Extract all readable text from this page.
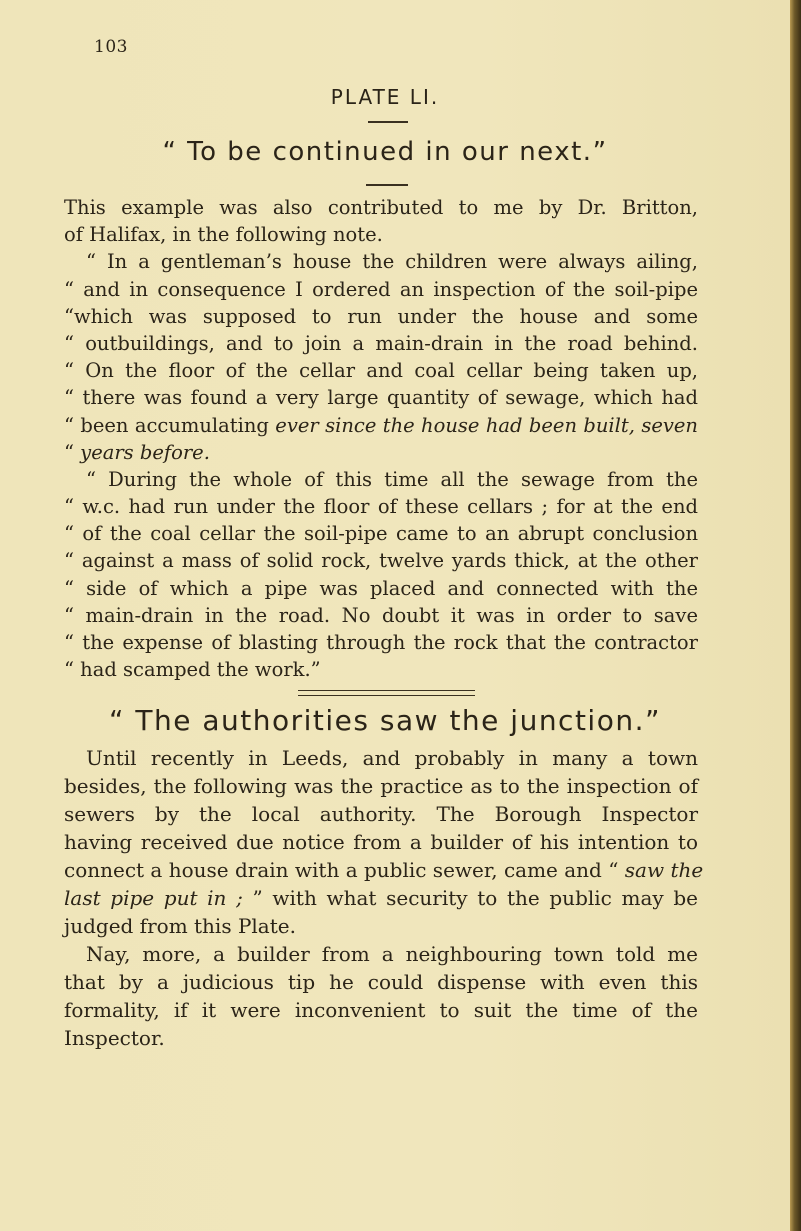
103
PLATE LI.
“ To be continued in our next.”
This example was also contributed to me by Dr. Britton,
of Halifax, in the following note.
“ In a gentleman’s house the children were always ailing,
“ and in consequence I ordered an inspection of the soil-pipe
“which was supposed to run under the house and some
“ outbuildings, and to join a main-drain in the road behind.
“ On the floor of the cellar and coal cellar being taken up,
“ there was found a very large quantity of sewage, which had
“ been accumulating ever since the house had been built, seven
“ years before.
“ During the whole of this time all the sewage from the
“ w.c. had run under the floor of these cellars ; for at the end
“ of the coal cellar the soil-pipe came to an abrupt conclusion
“ against a mass of solid rock, twelve yards thick, at the other
“ side of which a pipe was placed and connected with the
“ main-drain in the road. No doubt it was in order to save
“ the expense of blasting through the rock that the contractor
“ had scamped the work.”
“ The authorities saw the junction.”
Until recently in Leeds, and probably in many a town
besides, the following was the practice as to the inspection of
sewers by the local authority. The Borough Inspector
having received due notice from a builder of his intention to
connect a house drain with a public sewer, came and “ saw the
last pipe put in ; ” with what security to the public may be
judged from this Plate.
Nay, more, a builder from a neighbouring town told me
that by a judicious tip he could dispense with even this
formality, if it were inconvenient to suit the time of the
Inspector.
